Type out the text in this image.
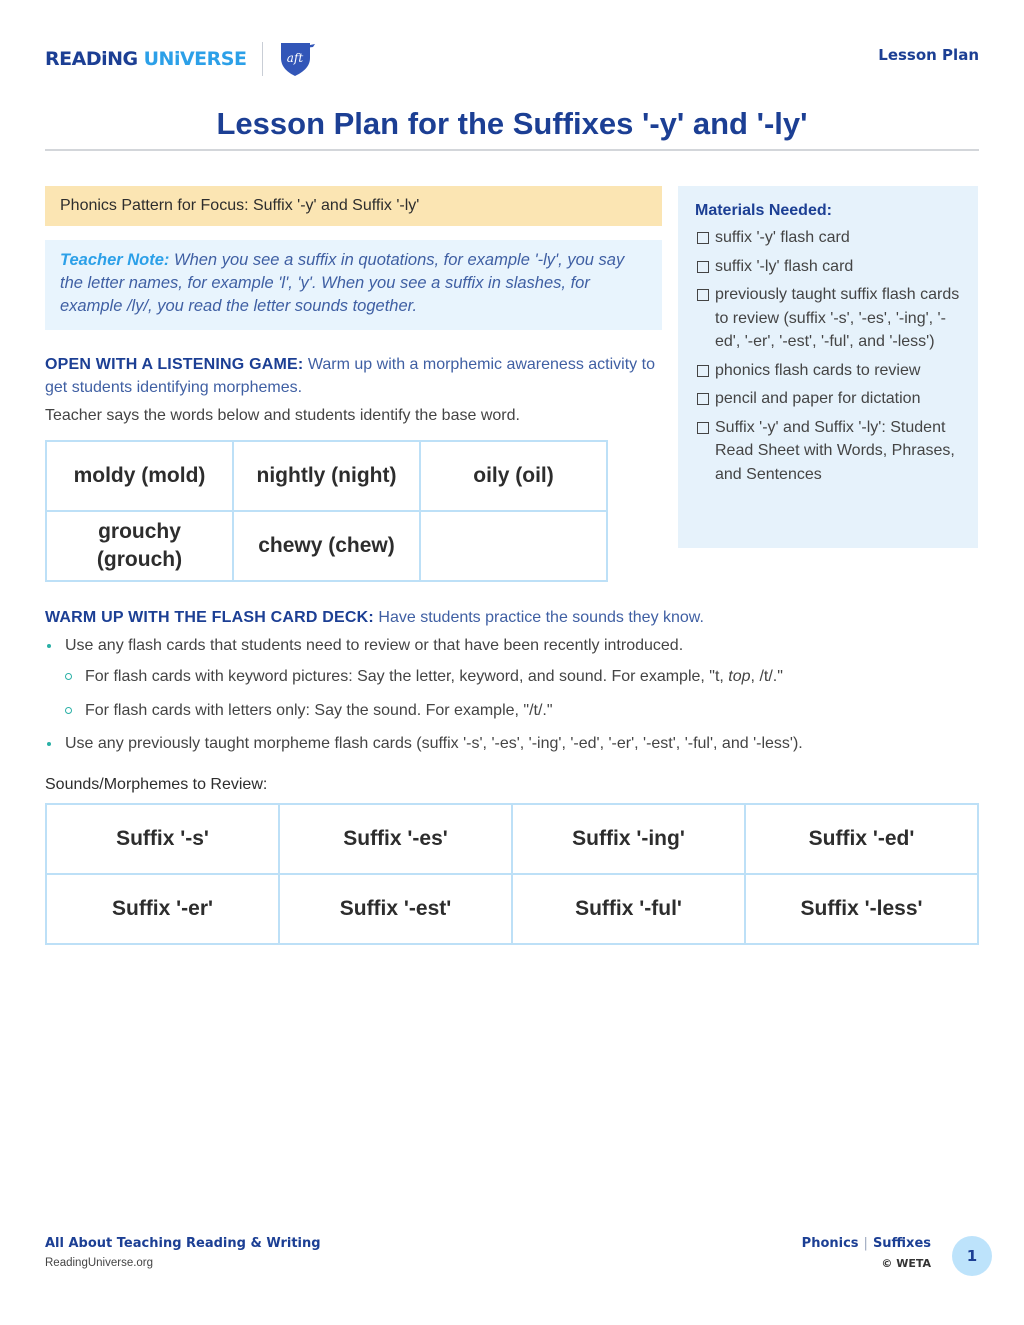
READiNG UNiVERSE	aft	Lesson Plan
Lesson Plan for the Suffixes '-y' and '-ly'
Phonics Pattern for Focus: Suffix '-y' and Suffix '-ly'
Teacher Note: When you see a suffix in quotations, for example '-ly', you say the letter names, for example 'l', 'y'. When you see a suffix in slashes, for example /ly/, you read the letter sounds together.
Materials Needed:
suffix '-y' flash card
suffix '-ly' flash card
previously taught suffix flash cards to review (suffix '-s', '-es', '-ing', '-ed', '-er', '-est', '-ful', and '-less')
phonics flash cards to review
pencil and paper for dictation
Suffix '-y' and Suffix '-ly': Student Read Sheet with Words, Phrases, and Sentences
OPEN WITH A LISTENING GAME: Warm up with a morphemic awareness activity to get students identifying morphemes.
Teacher says the words below and students identify the base word.
moldy (mold)	nightly (night)	oily (oil)
grouchy (grouch)	chewy (chew)	
WARM UP WITH THE FLASH CARD DECK: Have students practice the sounds they know.
Use any flash cards that students need to review or that have been recently introduced.
For flash cards with keyword pictures: Say the letter, keyword, and sound. For example, "t, top, /t/."
For flash cards with letters only: Say the sound. For example, "/t/."
Use any previously taught morpheme flash cards (suffix '-s', '-es', '-ing', '-ed', '-er', '-est', '-ful', and '-less').
Sounds/Morphemes to Review:
Suffix '-s'	Suffix '-es'	Suffix '-ing'	Suffix '-ed'
Suffix '-er'	Suffix '-est'	Suffix '-ful'	Suffix '-less'
All About Teaching Reading & Writing
ReadingUniverse.org
Phonics | Suffixes
© WETA	1
